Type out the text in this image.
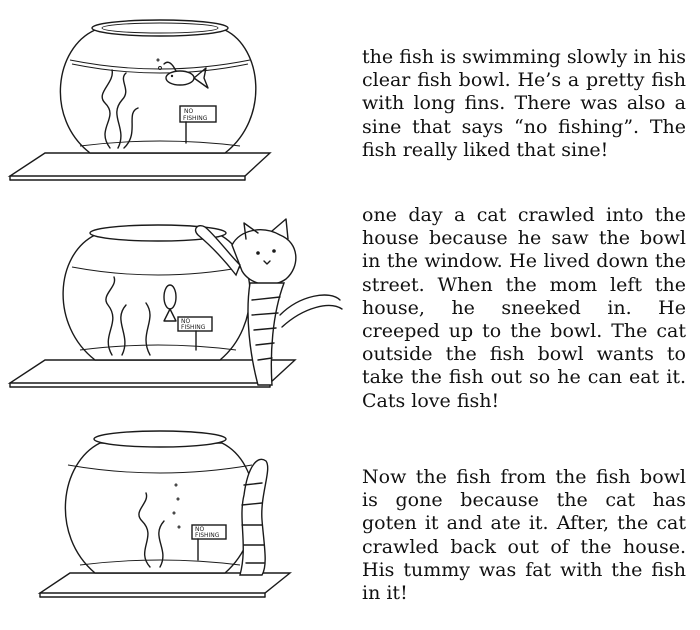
NO
FISHING
NO
FISHING
NO
FISHING

the fish is swimming slowly in his clear fish bowl. He’s a pretty fish with long fins. There was also a sine that says “no fishing”. The fish really liked that sine!

one day a cat crawled into the house because he saw the bowl in the window. He lived down the street. When the mom left the house, he sneeked in. He creeped up to the bowl. The cat outside the fish bowl wants to take the fish out so he can eat it. Cats love fish!

Now the fish from the fish bowl is gone because the cat has goten it and ate it. After, the cat crawled back out of the house. His tummy was fat with the fish in it!
